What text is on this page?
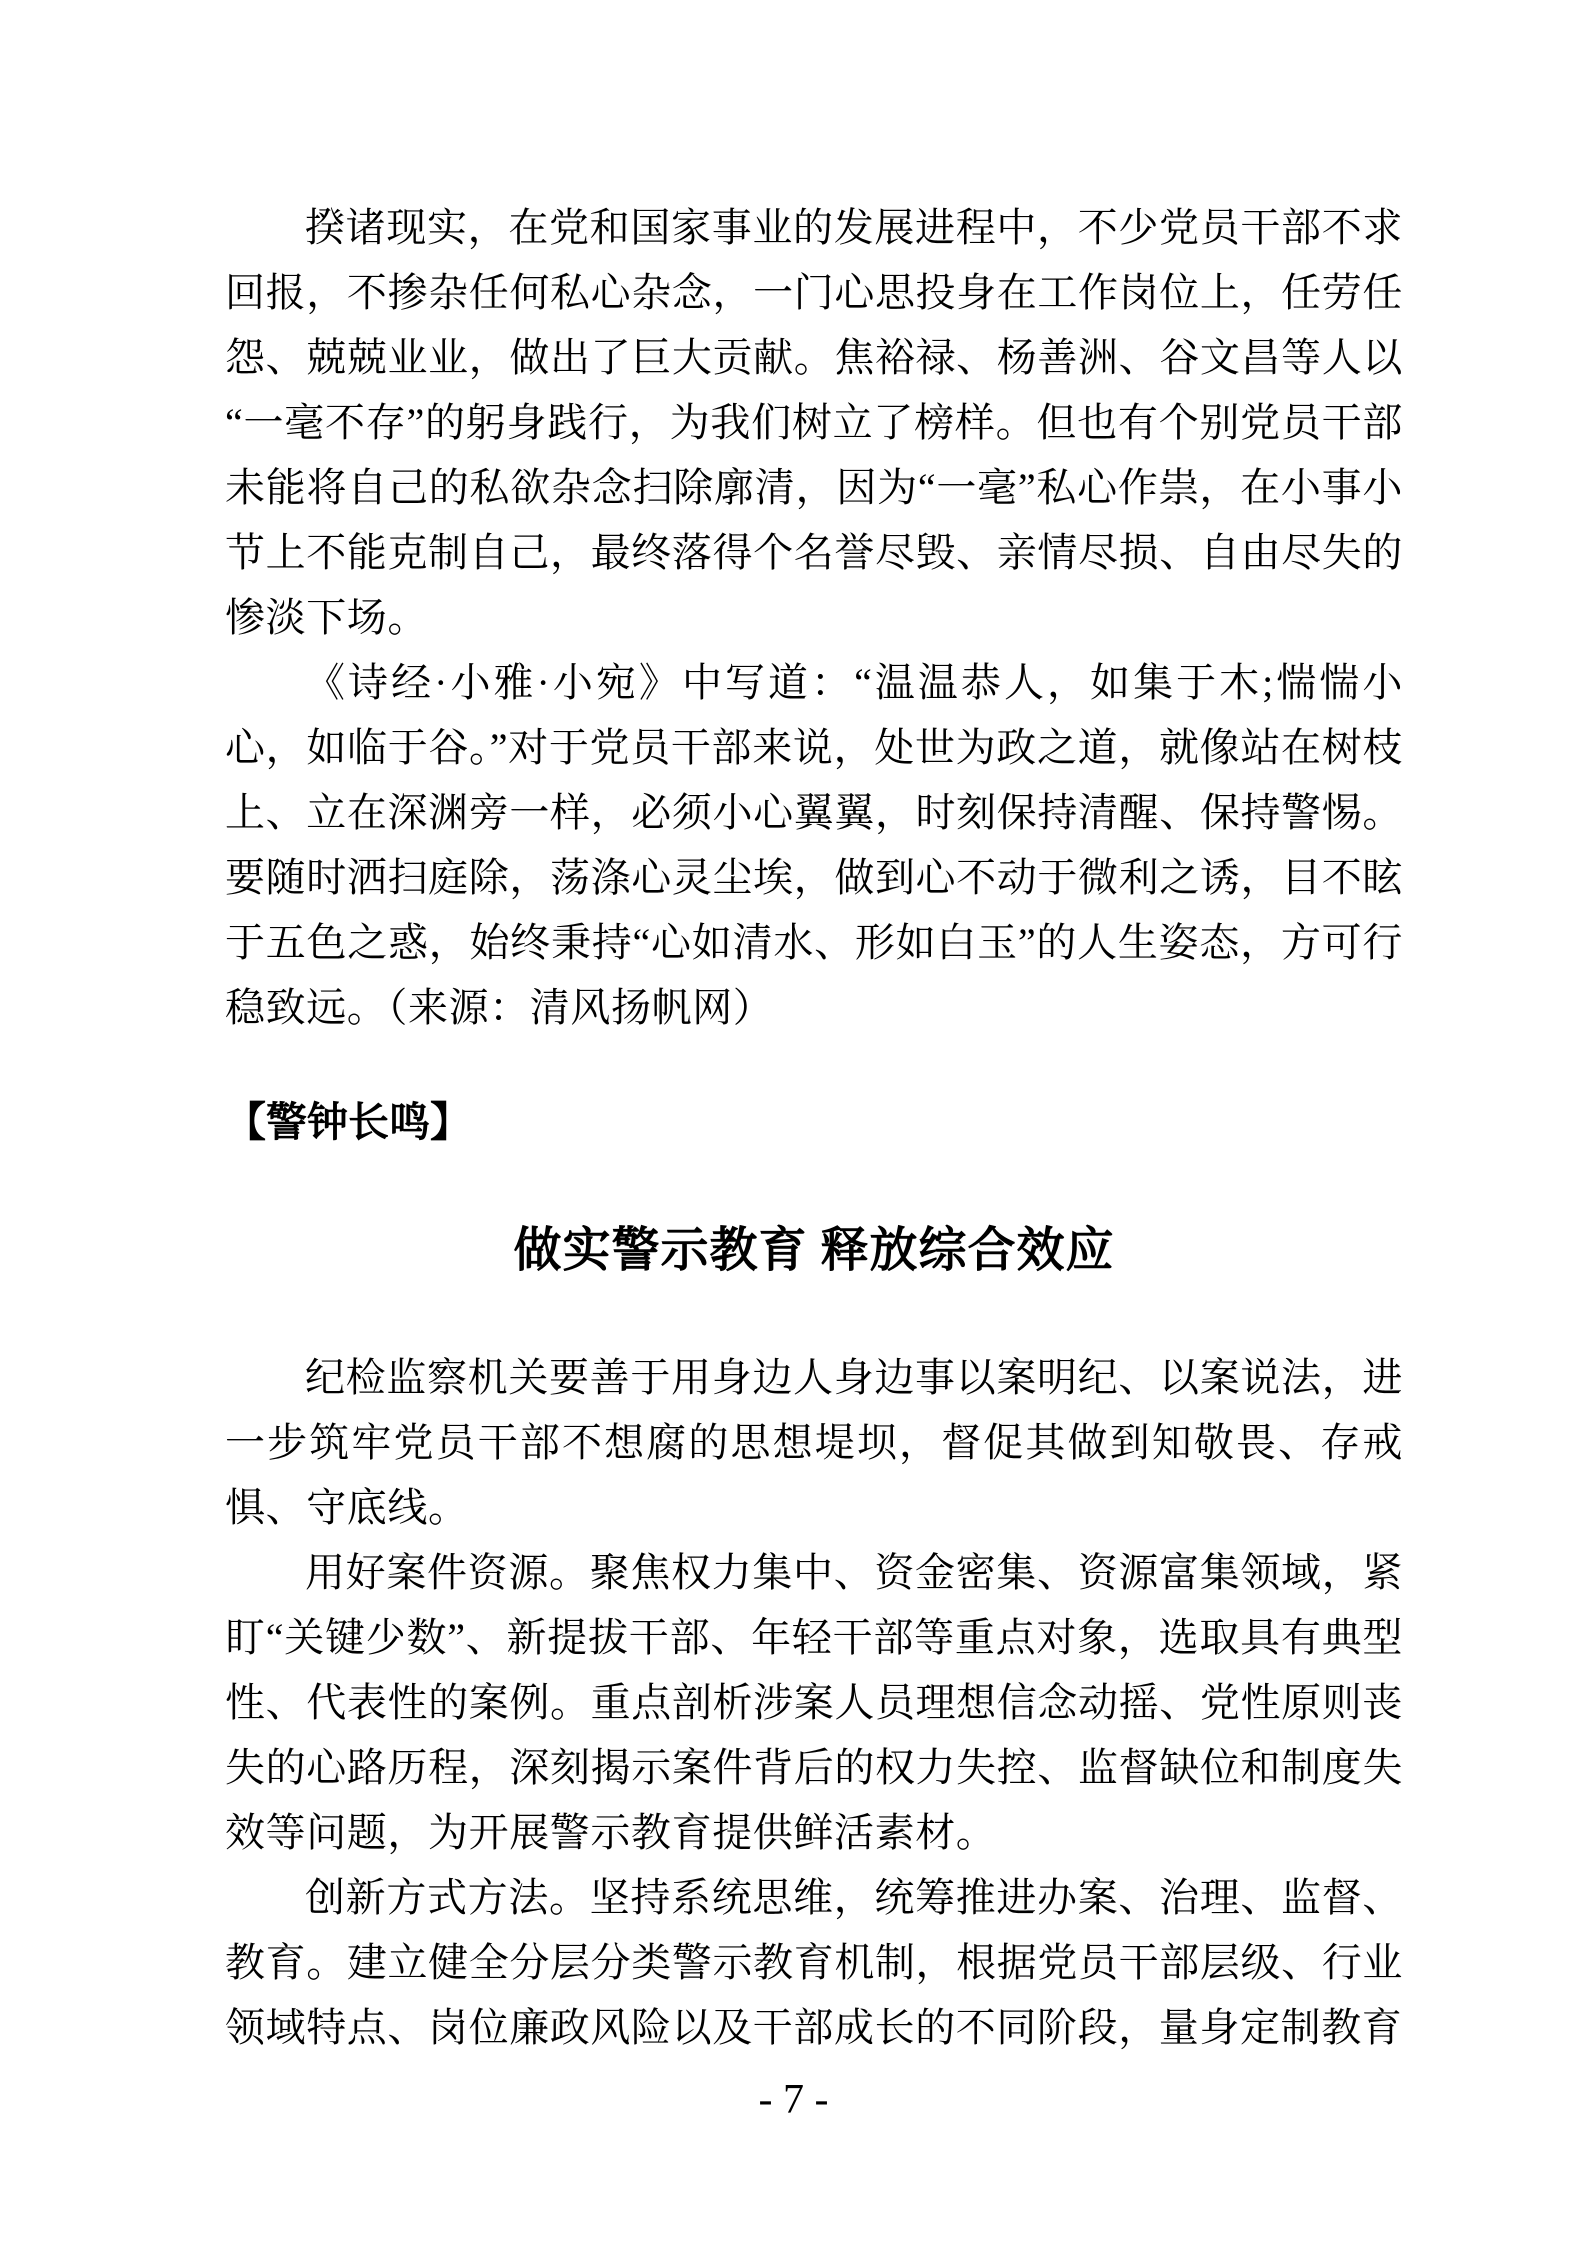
揆诸现实，在党和国家事业的发展进程中，不少党员干部不求回报，不掺杂任何私心杂念，一门心思投身在工作岗位上，任劳任怨、兢兢业业，做出了巨大贡献。焦裕禄、杨善洲、谷文昌等人以“一毫不存”的躬身践行，为我们树立了榜样。但也有个别党员干部未能将自己的私欲杂念扫除廓清，因为“一毫”私心作祟，在小事小节上不能克制自己，最终落得个名誉尽毁、亲情尽损、自由尽失的惨淡下场。

《诗经·小雅·小宛》中写道：“温温恭人，如集于木;惴惴小心，如临于谷。”对于党员干部来说，处世为政之道，就像站在树枝上、立在深渊旁一样，必须小心翼翼，时刻保持清醒、保持警惕。要随时洒扫庭除，荡涤心灵尘埃，做到心不动于微利之诱，目不眩于五色之惑，始终秉持“心如清水、形如白玉”的人生姿态，方可行稳致远。（来源：清风扬帆网）

【警钟长鸣】
做实警示教育 释放综合效应

纪检监察机关要善于用身边人身边事以案明纪、以案说法，进一步筑牢党员干部不想腐的思想堤坝，督促其做到知敬畏、存戒惧、守底线。

用好案件资源。聚焦权力集中、资金密集、资源富集领域，紧盯“关键少数”、新提拔干部、年轻干部等重点对象，选取具有典型性、代表性的案例。重点剖析涉案人员理想信念动摇、党性原则丧失的心路历程，深刻揭示案件背后的权力失控、监督缺位和制度失效等问题，为开展警示教育提供鲜活素材。

创新方式方法。坚持系统思维，统筹推进办案、治理、监督、教育。建立健全分层分类警示教育机制，根据党员干部层级、行业领域特点、岗位廉政风险以及干部成长的不同阶段，量身定制教育

- 7 -
